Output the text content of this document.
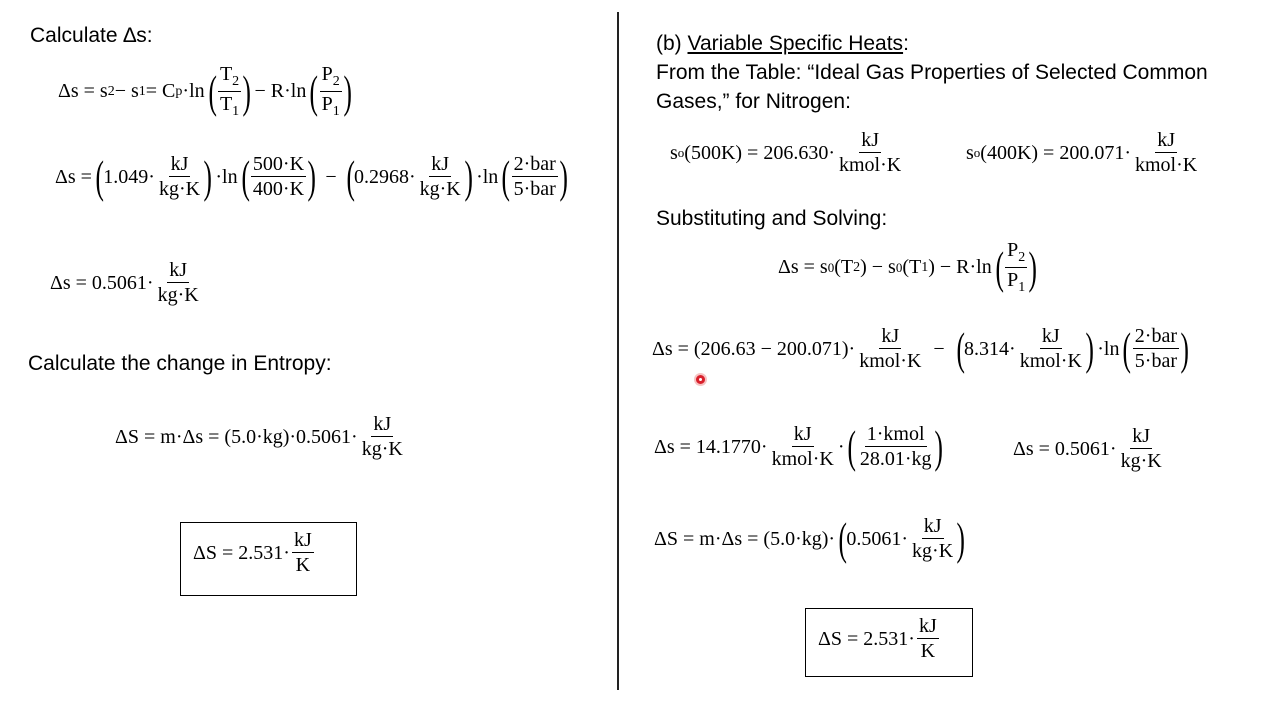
Calculate ∆s:
Δs = s 2 − s 1 = C p ·ln ( $\frac{T_2}{T_1}$ ) − R·ln ( $\frac{P_2}{P_1}$ )
Δs = ( $1.049\cdot \frac{kJ}{kg\cdot K}$ ) ·ln ( $\frac{500\cdot K}{400\cdot K}$ ) − ( $0.2968\cdot \frac{kJ}{kg\cdot K}$ ) ·ln ( $\frac{\text{2·bar}}{\text{5·bar}}$ )
$\Delta s = 0.5061\cdot \frac{kJ}{kg\cdot K}$
Calculate the change in Entropy:
$\Delta S = m\cdot\Delta s = (5.0\cdot kg)\cdot 0.5061\cdot \frac{kJ}{kg\cdot K}$
$\Delta S = 2.531\cdot \frac{kJ}{K}$
(b) Variable Specific Heats:
From the Table: “Ideal Gas Properties of Selected Common
Gases,” for Nitrogen:
s o $(500K) = 206.630\cdot \frac{kJ}{\text{kmol·K}}$	s o $(400K) = 200.071\cdot \frac{kJ}{\text{kmol·K}}$
Substituting and Solving:
Δs = s 0 (T 2 ) − s 0 (T 1 ) − R·ln ( $\frac{P_2}{P_1}$ )
$\Delta s = (206.63 - 200.071)\cdot \frac{kJ}{\text{kmol·K}}$ − ( $8.314\cdot \frac{kJ}{\text{kmol·K}}$ ) ·ln ( $\frac{\text{2·bar}}{\text{5·bar}}$ )
$\Delta s = 14.1770\cdot \frac{kJ}{\text{kmol·K}}$ · ( $\frac{\text{1·kmol}}{28.01\cdot kg}$ )	$\Delta s = 0.5061\cdot \frac{kJ}{kg\cdot K}$
ΔS = m·Δs = (5.0·kg)· ( $0.5061\cdot \frac{kJ}{kg\cdot K}$ )
$\Delta S = 2.531\cdot \frac{kJ}{K}$
